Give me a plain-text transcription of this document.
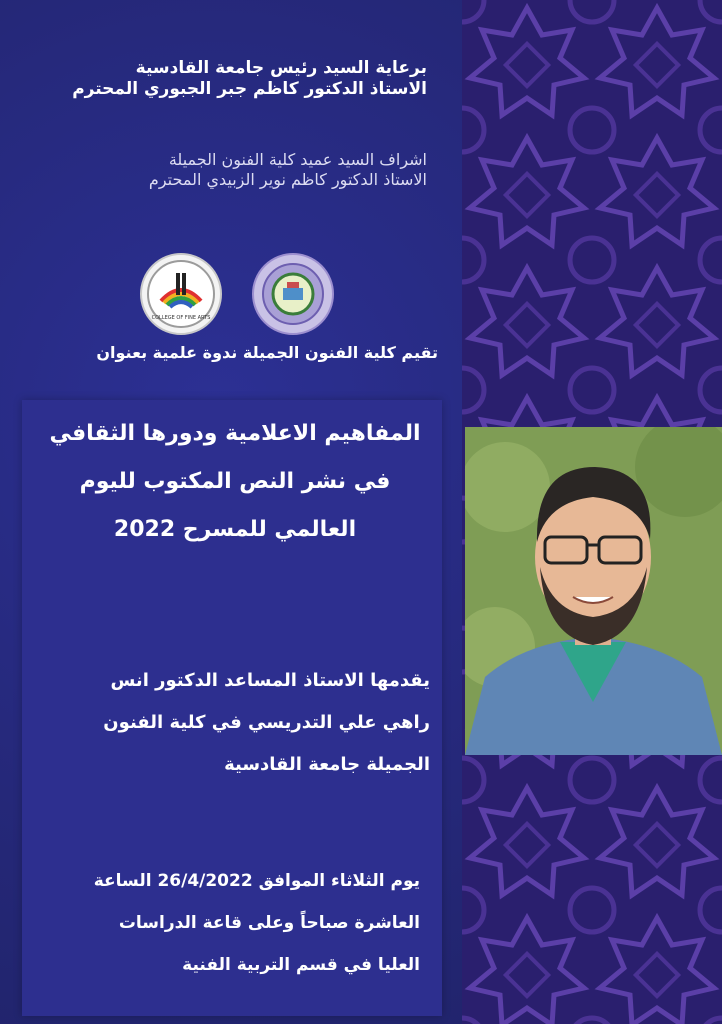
برعاية السيد رئيس جامعة القادسية
الاستاذ الدكتور كاظم جبر الجبوري المحترم
اشراف السيد عميد كلية الفنون الجميلة
الاستاذ الدكتور كاظم نوير الزبيدي المحترم
COLLEGE OF FINE ARTS
تقيم كلية الفنون الجميلة ندوة علمية بعنوان
المفاهيم الاعلامية ودورها الثقافي
في نشر النص المكتوب لليوم
العالمي للمسرح 2022
يقدمها الاستاذ المساعد الدكتور انس
راهي علي التدريسي في كلية الفنون
الجميلة جامعة القادسية
يوم الثلاثاء الموافق 26/4/2022 الساعة
العاشرة صباحاً وعلى قاعة الدراسات
العليا في قسم التربية الفنية
